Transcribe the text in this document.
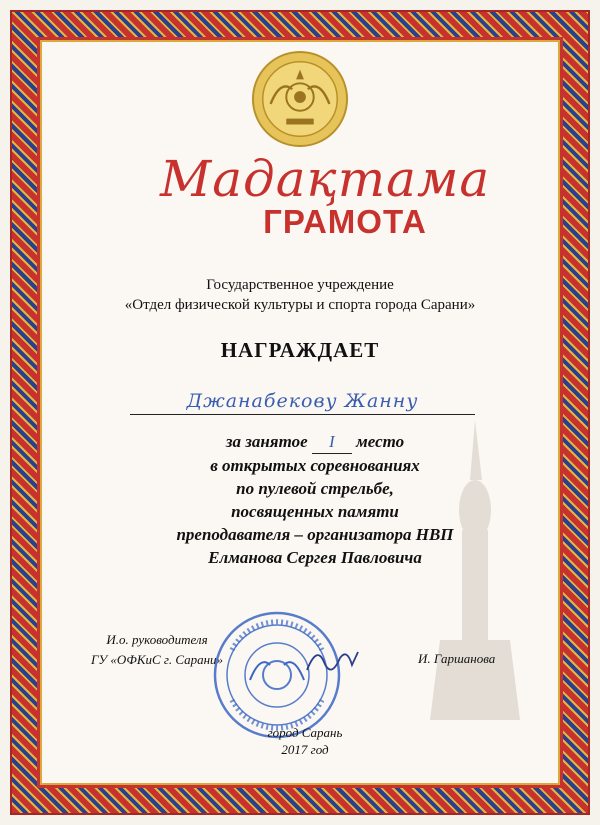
Мадақтама
ГРАМОТА
Государственное учреждение
«Отдел физической культуры и спорта города Сарани»
НАГРАЖДАЕТ
Джанабекову Жанну
за занятое I место
в открытых соревнованиях
по пулевой стрельбе,
посвященных памяти
преподавателя – организатора НВП
Елманова Сергея Павловича
И.о. руководителя
ГУ «ОФКиС г. Сарани»	И. Гаршанова
город Сарань
2017 год
